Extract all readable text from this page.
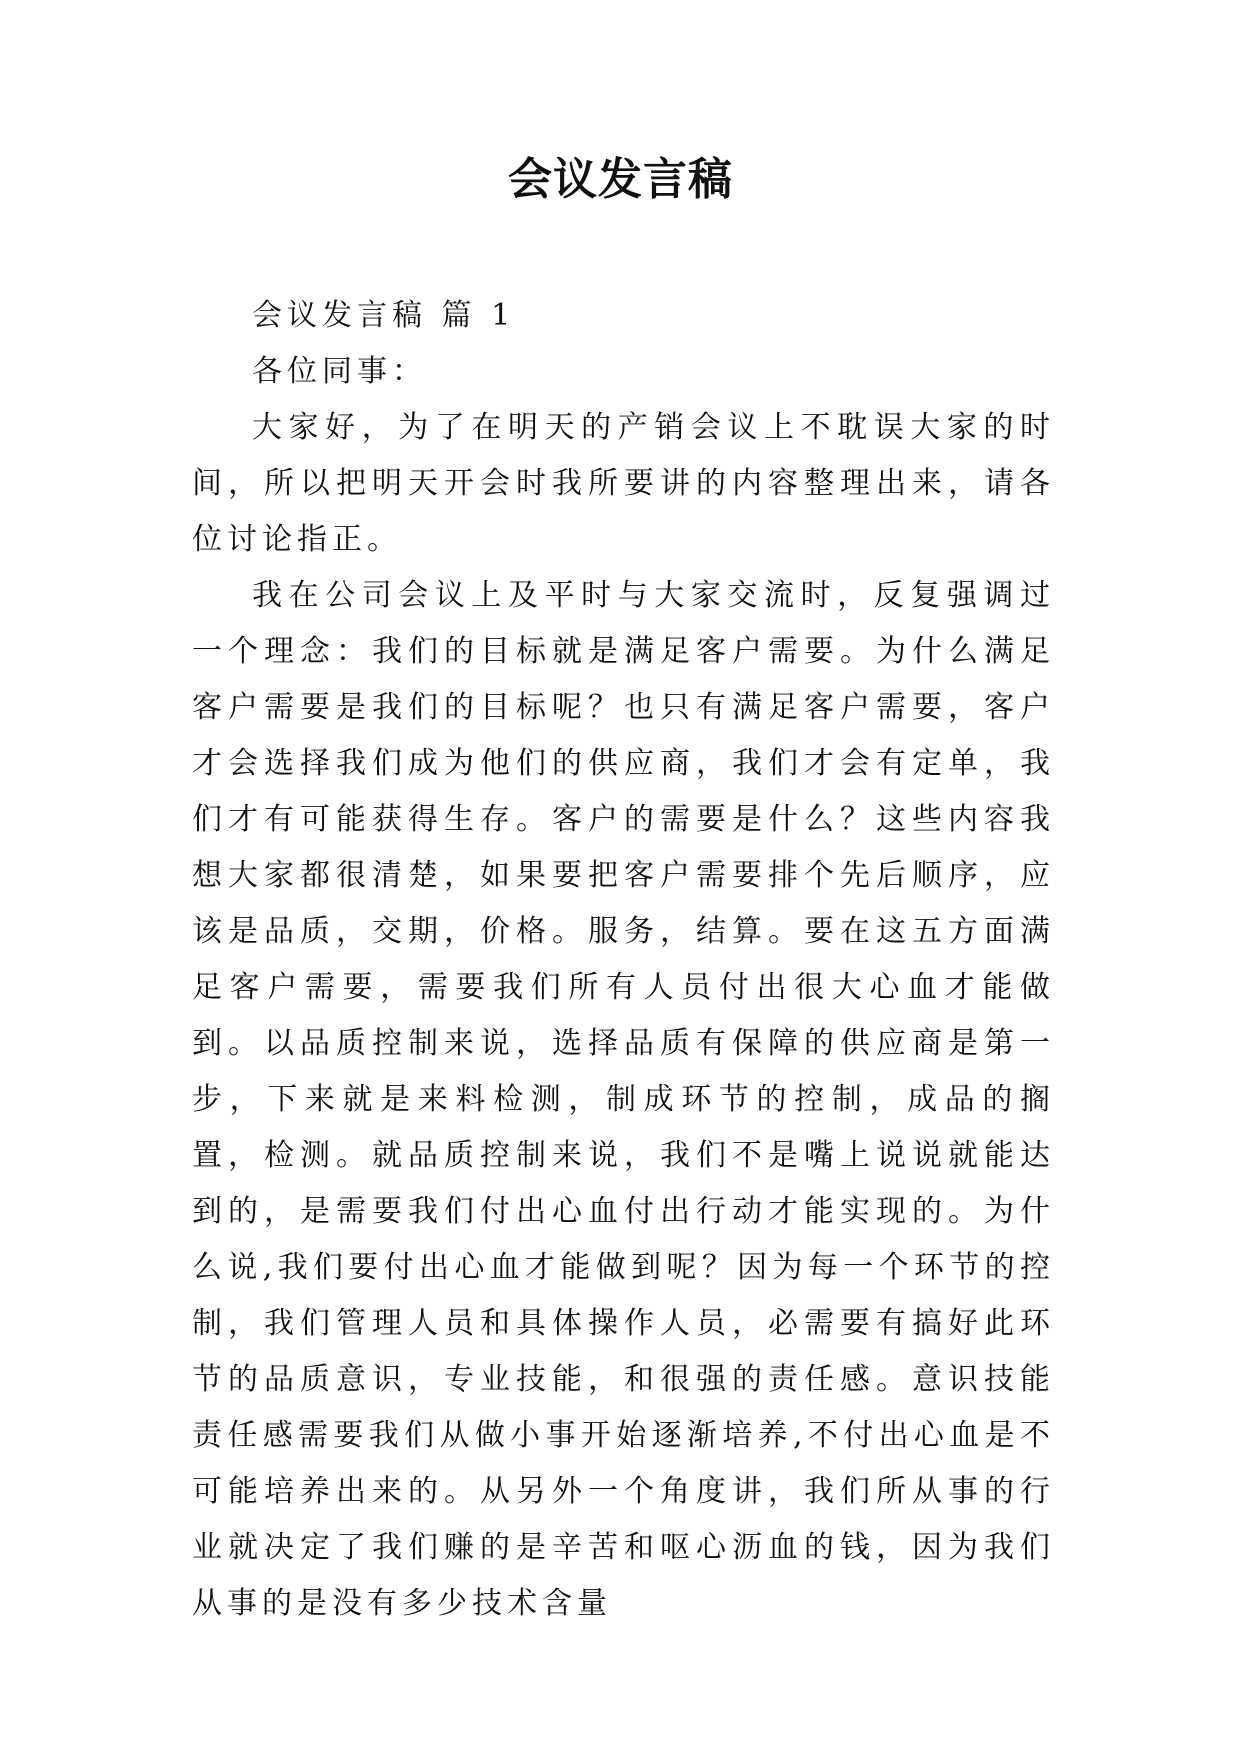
会议发言稿

会议发言稿 篇 1

各位同事：

大家好，为了在明天的产销会议上不耽误大家的时间，所以把明天开会时我所要讲的内容整理出来，请各位讨论指正。

我在公司会议上及平时与大家交流时，反复强调过一个理念：我们的目标就是满足客户需要。为什么满足客户需要是我们的目标呢？也只有满足客户需要，客户才会选择我们成为他们的供应商，我们才会有定单，我们才有可能获得生存。客户的需要是什么？这些内容我想大家都很清楚，如果要把客户需要排个先后顺序，应该是品质，交期，价格。服务，结算。要在这五方面满足客户需要，需要我们所有人员付出很大心血才能做到。以品质控制来说，选择品质有保障的供应商是第一步，下来就是来料检测，制成环节的控制，成品的搁置，检测。就品质控制来说，我们不是嘴上说说就能达到的，是需要我们付出心血付出行动才能实现的。为什么说,我们要付出心血才能做到呢？因为每一个环节的控制，我们管理人员和具体操作人员，必需要有搞好此环节的品质意识，专业技能，和很强的责任感。意识技能责任感需要我们从做小事开始逐渐培养,不付出心血是不可能培养出来的。从另外一个角度讲，我们所从事的行业就决定了我们赚的是辛苦和呕心沥血的钱，因为我们从事的是没有多少技术含量
